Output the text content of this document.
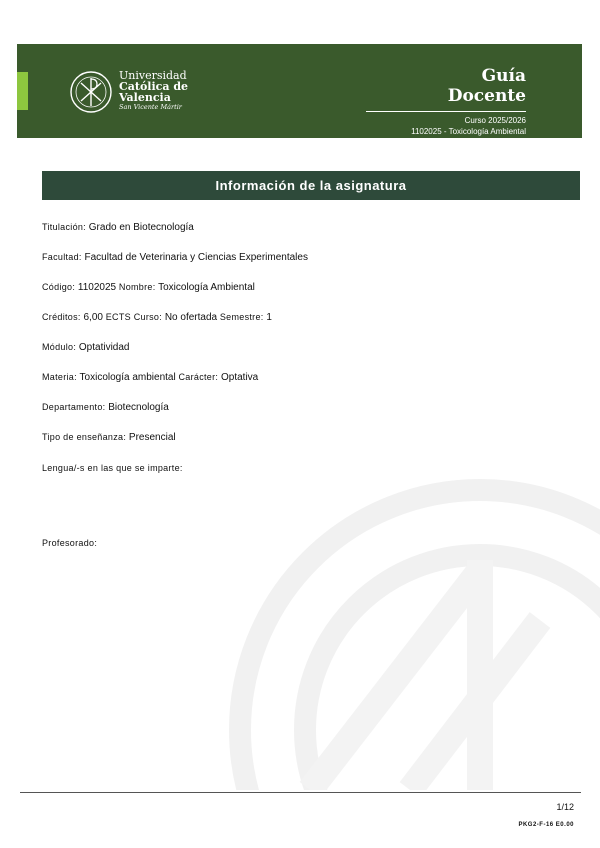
Universidad
Católica de
Valencia
San Vicente Mártir
Guía
Docente
Curso 2025/2026
1102025 - Toxicología Ambiental
Información de la asignatura
Titulación: Grado en Biotecnología
Facultad: Facultad de Veterinaria y Ciencias Experimentales
Código: 1102025 Nombre: Toxicología Ambiental
Créditos: 6,00 ECTS Curso: No ofertada Semestre: 1
Módulo: Optatividad
Materia: Toxicología ambiental Carácter: Optativa
Departamento: Biotecnología
Tipo de enseñanza: Presencial
Lengua/-s en las que se imparte:
Profesorado:
1/12
PKG2-F-16 E0.00
